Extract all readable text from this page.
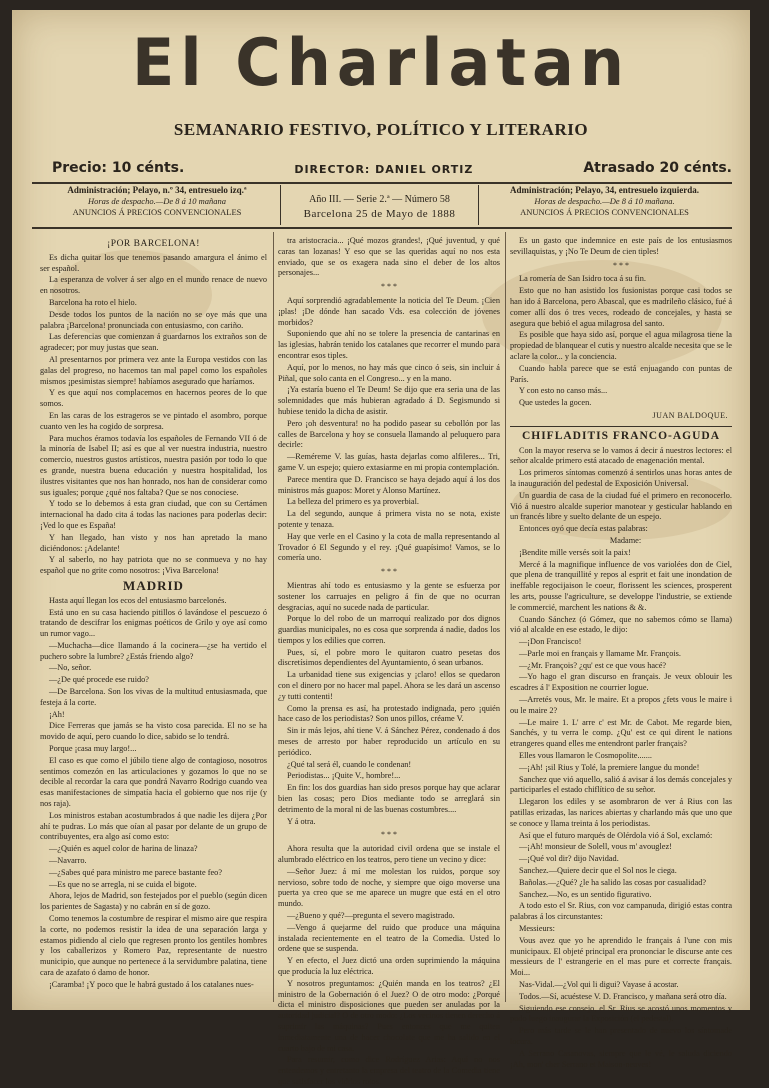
El Charlatan
SEMANARIO FESTIVO, POLÍTICO Y LITERARIO
Precio: 10 cénts.	DIRECTOR: DANIEL ORTIZ	Atrasado 20 cénts.
Administración; Pelayo, n.º 34, entresuelo izq.ª
Horas de despacho.—De 8 á 10 mañana
ANUNCIOS Á PRECIOS CONVENCIONALES
Año III. — Serie 2.ª — Número 58
Barcelona 25 de Mayo de 1888
Administración; Pelayo, 34, entresuelo izquierda.
Horas de despacho.—De 8 á 10 mañana.
ANUNCIOS Á PRECIOS CONVENCIONALES
¡POR BARCELONA!

Es dicha quitar los que tenemos pasando amargura el ánimo el ser español.

La esperanza de volver á ser algo en el mundo renace de nuevo en nosotros.

Barcelona ha roto el hielo.

Desde todos los puntos de la nación no se oye más que una palabra ¡Barcelona! pronunciada con entusiasmo, con cariño.

Las deferencias que comienzan á guardarnos los extraños son de agradecer; por muy justas que sean.

Al presentarnos por primera vez ante la Europa vestidos con las galas del progreso, no hacemos tan mal papel como los españoles mismos ¡pesimistas siempre! habíamos asegurado que haríamos.

Y es que aquí nos complacemos en hacernos peores de lo que somos.

En las caras de los estrageros se ve pintado el asombro, porque cuanto ven les ha cogido de sorpresa.

Para muchos éramos todavía los españoles de Fernando VII ó de la minoría de Isabel II; así es que al ver nuestra industria, nuestro comercio, nuestros gustos artísticos, nuestra pasión por todo lo que es grande, nuestra buena educación y nuestra hospitalidad, los ilustres visitantes que nos han honrado, nos han de considerar como sus iguales; porque ¿qué nos faltaba? Que se nos conociese.

Y todo se lo debemos á esta gran ciudad, que con su Certámen internacional ha dado cita á todas las naciones para poderlas decir: ¡Ved lo que es España!

Y han llegado, han visto y nos han apretado la mano diciéndonos: ¡Adelante!

Y al saberlo, no hay patriota que no se conmueva y no hay español que no grite como nosotros: ¡Viva Barcelona!

MADRID

Hasta aquí llegan los ecos del entusiasmo barcelonés.

Está uno en su casa haciendo pitillos ó lavándose el pescuezo ó tratando de descifrar los enigmas poéticos de Grilo y oye así como un rumor vago...

—Muchacha—dice llamando á la cocinera—¿se ha vertido el puchero sobre la lumbre? ¿Estás friendo algo?

—No, señor.

—¿De qué procede ese ruido?

—De Barcelona. Son los vivas de la multitud entusiasmada, que festeja á la corte.

¡Ah!

Dice Ferreras que jamás se ha visto cosa parecida. El no se ha movido de aquí, pero cuando lo dice, sabido se lo tendrá.

Porque ¡casa muy largo!...

El caso es que como el júbilo tiene algo de contagioso, nosotros sentimos comezón en las articulaciones y gozamos lo que no se decible al recordar la cara que pondrá Navarro Rodrigo cuando vea esas manifestaciones de simpatía hacia el gobierno que nos rije (y nos raja).

Los ministros estaban acostumbrados á que nadie les dijera ¿Por ahí te pudras. Lo más que oían al pasar por delante de un grupo de contribuyentes, era algo así como esto:

—¿Quién es aquel color de harina de linaza?

—Navarro.

—¿Sabes qué para ministro me parece bastante feo?

—Es que no se arregla, ni se cuida el bigote.

Ahora, lejos de Madrid, son festejados por el pueblo (según dicen los parientes de Sagasta) y no cabrán en sí de gozo.

Como tenemos la costumbre de respirar el mismo aire que respira la corte, no podemos resistir la idea de una separación larga y estamos pidiendo al cielo que regresen pronto los gentiles hombres y los caballerizos y Romero Paz, representante de nuestro municipio, que aunque no pertenece á la servidumbre palatina, tiene cara de azafato ó damo de honor.

¡Caramba! ¡Y poco que le habrá gustado á los catalanes nues-

tra aristocracia... ¡Qué mozos grandes!, ¡Qué juventud, y qué caras tan lozanas! Y eso que se las queridas aquí no nos esta enviado, que se os exagera nada sino el deber de los altos personajes...

* * *

Aquí sorprendió agradablemente la noticia del Te Deum. ¡Cien ¡plas! ¡De dónde han sacado Vds. esa colección de jóvenes morbidos?

Suponiendo que ahí no se tolere la presencia de cantarinas en las iglesias, habrán tenido los catalanes que recorrer el mundo para encontrar esos tiples.

Aquí, por lo menos, no hay más que cinco ó seis, sin incluir á Piñal, que solo canta en el Congreso... y en la mano.

¡Ya estaría bueno el Te Deum! Se dijo que era seria una de las solemnidades que más hubieran agradado á D. Segismundo si hubiese tenido la dicha de asistir.

Pero ¡oh desventura! no ha podido pasear su cebollón por las calles de Barcelona y hoy se consuela llamando al peluquero para decirle:

—Reméreme V. las guías, hasta dejarlas como alfileres... Tri, game V. un espejo; quiero extasiarme en mi propia contemplación.

Parece mentira que D. Francisco se haya dejado aquí á los dos ministros más guapos: Moret y Alonso Martínez.

La belleza del primero es ya proverbial.

La del segundo, aunque á primera vista no se nota, existe potente y tenaza.

Hay que verle en el Casino y la cota de malla representando al Trovador ó El Segundo y el rey. ¡Qué guapísimo! Vamos, se lo comería uno.

* * *

Mientras ahí todo es entusiasmo y la gente se esfuerza por sostener los carruajes en peligro á fin de que no ocurran desgracias, aquí no sucede nada de particular.

Porque lo del robo de un marroquí realizado por dos dignos guardias municipales, no es cosa que sorprenda á nadie, dados los tiempos y los edilies que corren.

Pues, sí, el pobre moro le quitaron cuatro pesetas dos discretísimos dependientes del Ayuntamiento, ó sean urbanos.

La urbanidad tiene sus exigencias y ¡claro! ellos se quedaron con el dinero por no hacer mal papel. Ahora se les dará un ascenso ¿y tutti contenti!

Como la prensa es así, ha protestado indignada, pero ¡quién hace caso de los periodistas? Son unos pillos, créame V.

Sin ir más lejos, ahí tiene V. á Sánchez Pérez, condenado á dos meses de arresto por haber reproducido un artículo en su periódico.

¿Qué tal será él, cuando le condenan!

Periodistas... ¡Quite V., hombre!...

En fin: los dos guardias han sido presos porque hay que aclarar bien las cosas; pero Dios mediante todo se arreglará sin detrimento de la moral ni de las buenas costumbres....

Y á otra.

* * *

Ahora resulta que la autoridad civil ordena que se instale el alumbrado eléctrico en los teatros, pero tiene un vecino y dice:

—Señor Juez: á mí me molestan los ruidos, porque soy nervioso, sobre todo de noche, y siempre que oigo moverse una puerta ya creo que se me aparece un mugre que está en el otro mundo.

—¿Bueno y qué?—pregunta el severo magistrado.

—Vengo á quejarme del ruido que produce una máquina instalada recientemente en el teatro de la Comedia. Usted lo ordene que se suspenda.

Y en efecto, el Juez dictó una orden suprimiendo la máquina que producía la luz eléctrica.

Y nosotros preguntamos: ¿Quién manda en los teatros? ¿El ministro de la Gobernación ó el Juez? O de otro modo: ¿Porqué dicta el ministro disposiciones que pueden ser anuladas por la autoridad judicial? O de otro modo: ¿Los vecinos tienen derecho á suprimir las máquinas? Pues entonces que me quiten inmediatamente una de hacer chocolate que me ha salido en el cuarto bajo de mi casa.

Para resumir, como dice Rodríguez Arias: Aquí no nos entendemos y entretanto la empresa del teatro de la Comedia tiene que satisfacer los vidrios rotos.

Es un gasto que indemnice en este país de los entusiasmos sevillaquistas, y ¡No Te Deum de cien tiples!

* * *

La romería de San Isidro toca á su fin.

Esto que no han asistido los fusionistas porque casi todos se han ido á Barcelona, pero Abascal, que es madrileño clásico, fué á comer allí dos ó tres veces, rodeado de concejales, y hasta se asegura que bebió el agua milagrosa del santo.

Es posible que haya sido así, porque el agua milagrosa tiene la propiedad de blanquear el cutis y nuestro alcalde necesita que se le aclare la color... y la conciencia.

Cuando habla parece que se está enjuagando con puntas de París.

Y con esto no canso más...

Que ustedes la gocen.

JUAN BALDOQUE.
CHIFLADITIS FRANCO-AGUDA

Con la mayor reserva se lo vamos á decir á nuestros lectores: el señor alcalde primero está atacado de enagenación mental.

Los primeros síntomas comenzó á sentirlos unas horas antes de la inauguración del pedestal de Exposición Universal.

Un guardia de casa de la ciudad fué el primero en reconocerlo. Vió á nuestro alcalde superior manotear y gesticular hablando en un francés libre y suelto delante de un espejo.

Entonces oyó que decía estas palabras:

Madame:

¡Bendite mille versés soit la paix!

Mercé á la magnifique influence de vos variolées don de Ciel, que plena de tranquillité y repos al esprit et fait une inondation de ineffable regocijaison le coeur, florissent les sciences, prosperent les arts, pousse l'agriculture, se developpe l'industrie, se extiende le commercié, marchent les nations & &.

Cuando Sánchez (ó Gómez, que no sabemos cómo se llama) vió al alcalde en ese estado, le dijo:

—¡Don Francisco!

—Parle moi en français y llamame Mr. François.

—¿Mr. François? ¿qu' est ce que vous hacé?

—Yo hago el gran discurso en français. Je veux oblouir les escadres á l' Exposition ne courrier logue.

—Arretés vous, Mr. le maire. Et a propos ¿fets vous le maire i ou le maire 2?

—Le maire 1. L' arre c' est Mr. de Cabot. Me regarde bien, Sanchés, y tu verra le comp. ¿Qu' est ce qui dirent le nations etrangeres quand elles me entendront parler français?

Elles vous llamaron le Cosmopolite.......

—¡Ah! ¡sil Rius y Tolé, la premiere langue du monde!

Sanchez que vió aquello, salió á avisar á los demás concejales y participarles el estado chiflítico de su señor.

Llegaron los ediles y se asombraron de ver á Rius con las patillas erizadas, las narices abiertas y charlando más que uno que se conoce y llama treinta á los periodistas.

Así que el futuro marqués de Olérdola vió á Sol, exclamó:

—¡Ah! monsieur de Solell, vous m' avouglez!

—¡Qué vol dir? dijo Navidad.

Sanchez.—Quiere decir que el Sol nos le ciega.

Bañolas.—¿Qué? ¿le ha salido las cosas por casualidad?

Sanchez.—No, es un sentido figurativo.

A todo esto el Sr. Rius, con voz campanuda, dirigió estas contra palabras á los circunstantes:

Messieurs:

Vous avez que yo he aprendido le français á l'une con mis municipaux. El objeté principal era prononciar le discurse ante ces messieurs de l' estrangerie en el mas pure et correcte français. Moi...

Nas-Vidal.—¿Vol qui li digui? Vayase á acostar.

Todos.—Sí, acuéstese V. D. Francisco, y mañana será otro día.

Siguiendo ese consejo, el Sr. Rius se acostó unos momentos y pudo luego inaugurar la Exposición (el pedestal).

Pero más tarde se le han presentado de nuevo los síntomade locura.

A Serrano Casanovas, siempre que le vé, le saluda diciendo ¡Ah, mon' cher Serrano et Maison-neuves!
